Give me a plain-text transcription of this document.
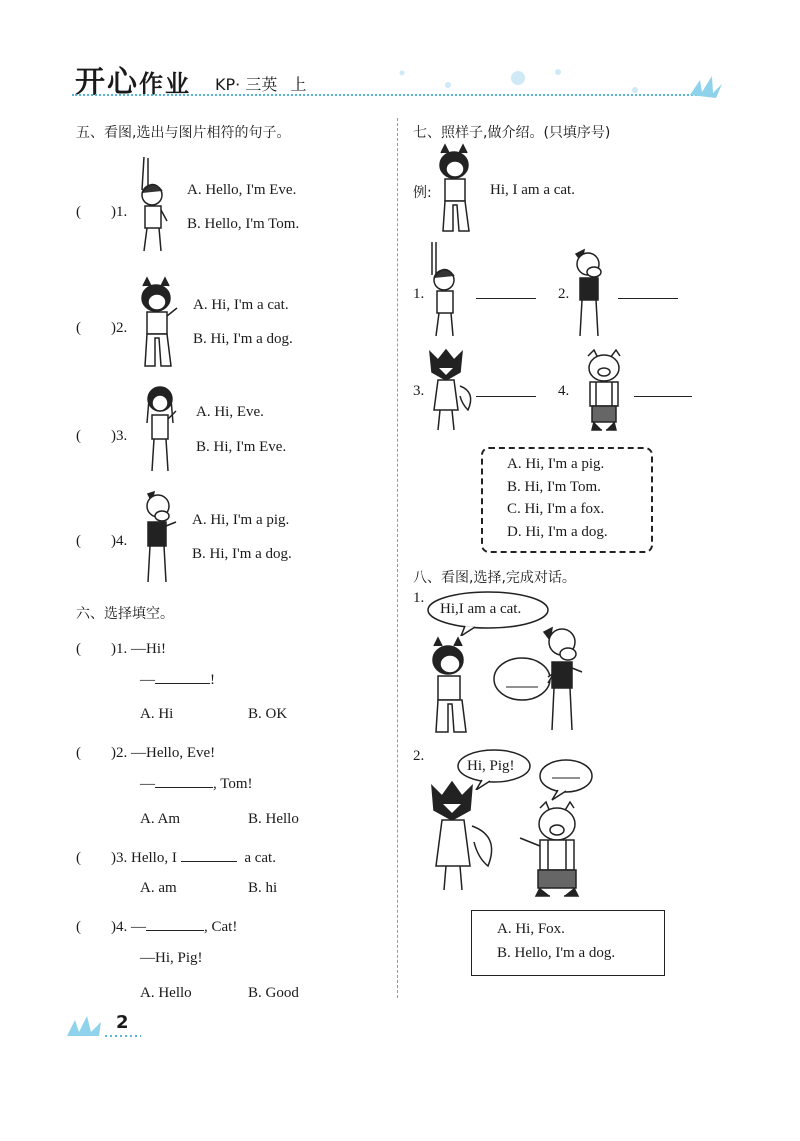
开心作业 KP· 三英 上
五、看图,选出与图片相符的句子。
(　　)1.
A. Hello, I'm Eve.
B. Hello, I'm Tom.
(　　)2.
A. Hi, I'm a cat.
B. Hi, I'm a dog.
(　　)3.
A. Hi, Eve.
B. Hi, I'm Eve.
(　　)4.
A. Hi, I'm a pig.
B. Hi, I'm a dog.
六、选择填空。
(　　)1. —Hi!
—	!
A. Hi	B. OK
(　　)2. —Hello, Eve!
—	, Tom!
A. Am	B. Hello
(　　)3. Hello, I	a cat.
A. am	B. hi
(　　)4. —	, Cat!
—Hi, Pig!
A. Hello	B. Good
七、照样子,做介绍。(只填序号)
例:	Hi, I am a cat.
1.	2.
3.	4.
A. Hi, I'm a pig.
B. Hi, I'm Tom.
C. Hi, I'm a fox.
D. Hi, I'm a dog.
八、看图,选择,完成对话。
1.
Hi,I am a cat.
2.
Hi, Pig!
A. Hi, Fox.
B. Hello, I'm a dog.
2
